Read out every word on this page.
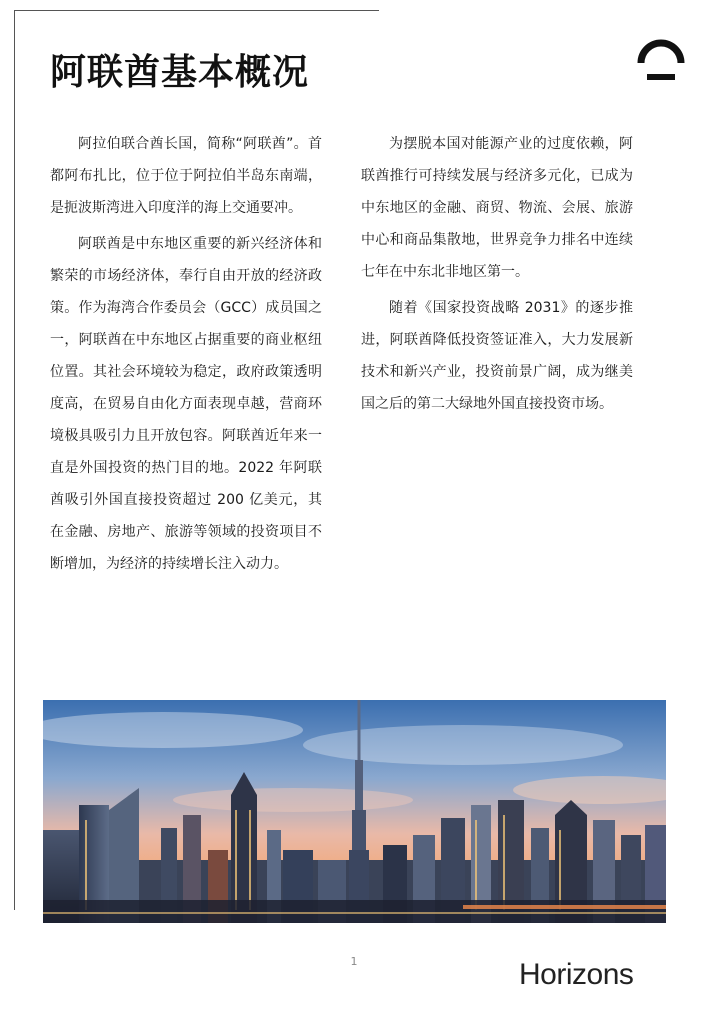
阿联酋基本概况

阿拉伯联合酋长国，简称“阿联酋”。首都阿布扎比，位于位于阿拉伯半岛东南端，是扼波斯湾进入印度洋的海上交通要冲。

阿联酋是中东地区重要的新兴经济体和繁荣的市场经济体，奉行自由开放的经济政策。作为海湾合作委员会（GCC）成员国之一，阿联酋在中东地区占据重要的商业枢纽位置。其社会环境较为稳定，政府政策透明度高，在贸易自由化方面表现卓越，营商环境极具吸引力且开放包容。阿联酋近年来一直是外国投资的热门目的地。2022 年阿联酋吸引外国直接投资超过 200 亿美元，其在金融、房地产、旅游等领域的投资项目不断增加，为经济的持续增长注入动力。

为摆脱本国对能源产业的过度依赖，阿联酋推行可持续发展与经济多元化，已成为中东地区的金融、商贸、物流、会展、旅游中心和商品集散地，世界竞争力排名中连续七年在中东北非地区第一。

随着《国家投资战略 2031》的逐步推进，阿联酋降低投资签证准入，大力发展新技术和新兴产业，投资前景广阔，成为继美国之后的第二大绿地外国直接投资市场。

1	Horizons
